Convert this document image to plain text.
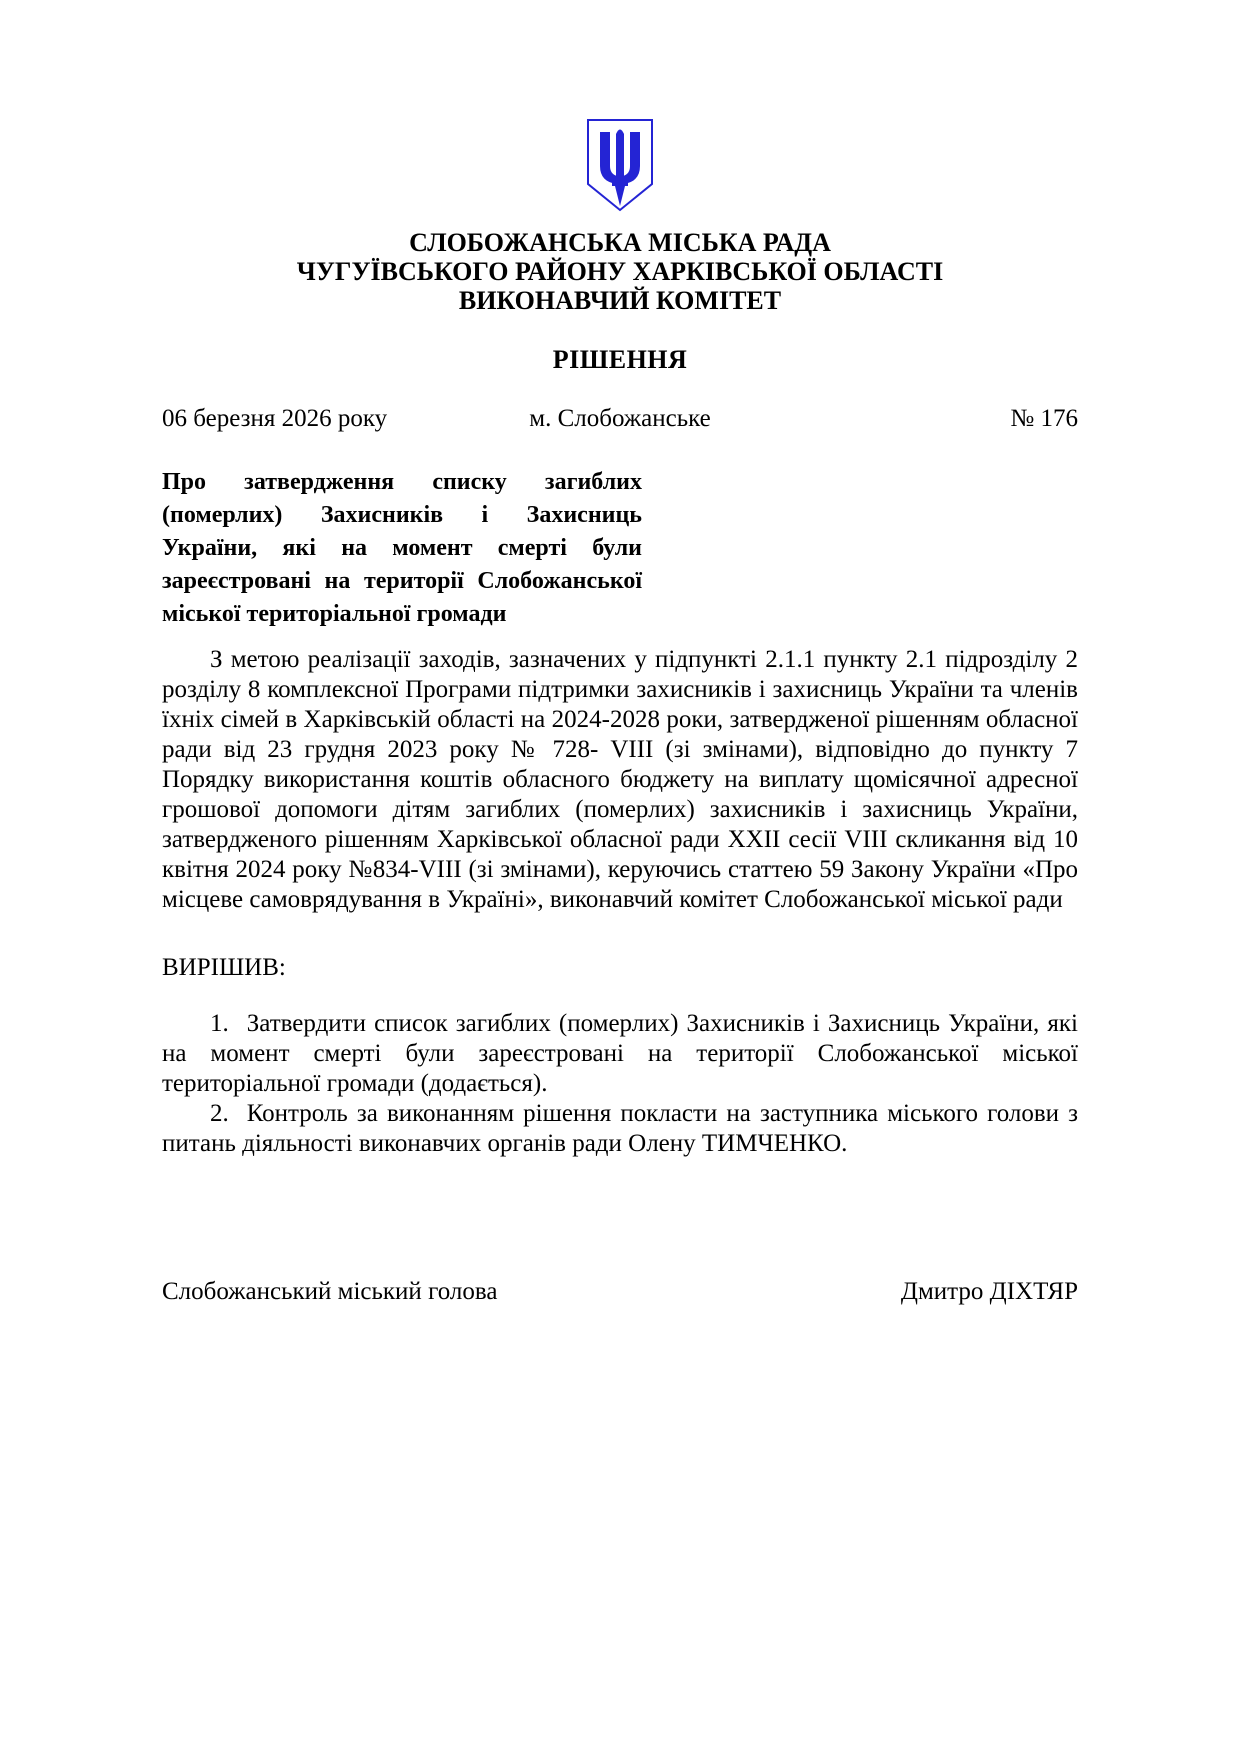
СЛОБОЖАНСЬКА МІСЬКА РАДА
ЧУГУЇВСЬКОГО РАЙОНУ ХАРКІВСЬКОЇ ОБЛАСТІ
ВИКОНАВЧИЙ КОМІТЕТ
РІШЕННЯ
06 березня 2026 року	м. Слобожанське	№ 176
Про затвердження списку загиблих (померлих) Захисників і Захисниць України, які на момент смерті були зареєстровані на території Слобожанської міської територіальної громади
З метою реалізації заходів, зазначених у підпункті 2.1.1 пункту 2.1 підрозділу 2 розділу 8 комплексної Програми підтримки захисників і захисниць України та членів їхніх сімей в Харківській області на 2024-2028 роки, затвердженої рішенням обласної ради від 23 грудня 2023 року № 728- VIII (зі змінами), відповідно до пункту 7 Порядку використання коштів обласного бюджету на виплату щомісячної адресної грошової допомоги дітям загиблих (померлих) захисників і захисниць України, затвердженого рішенням Харківської обласної ради XXII сесії VIII скликання від 10 квітня 2024 року №834-VIII (зі змінами), керуючись статтею 59 Закону України «Про місцеве самоврядування в Україні», виконавчий комітет Слобожанської міської ради
ВИРІШИВ:
1. Затвердити список загиблих (померлих) Захисників і Захисниць України, які на момент смерті були зареєстровані на території Слобожанської міської територіальної громади (додається).
2. Контроль за виконанням рішення покласти на заступника міського голови з питань діяльності виконавчих органів ради Олену ТИМЧЕНКО.
Слобожанський міський голова	Дмитро ДІХТЯР
